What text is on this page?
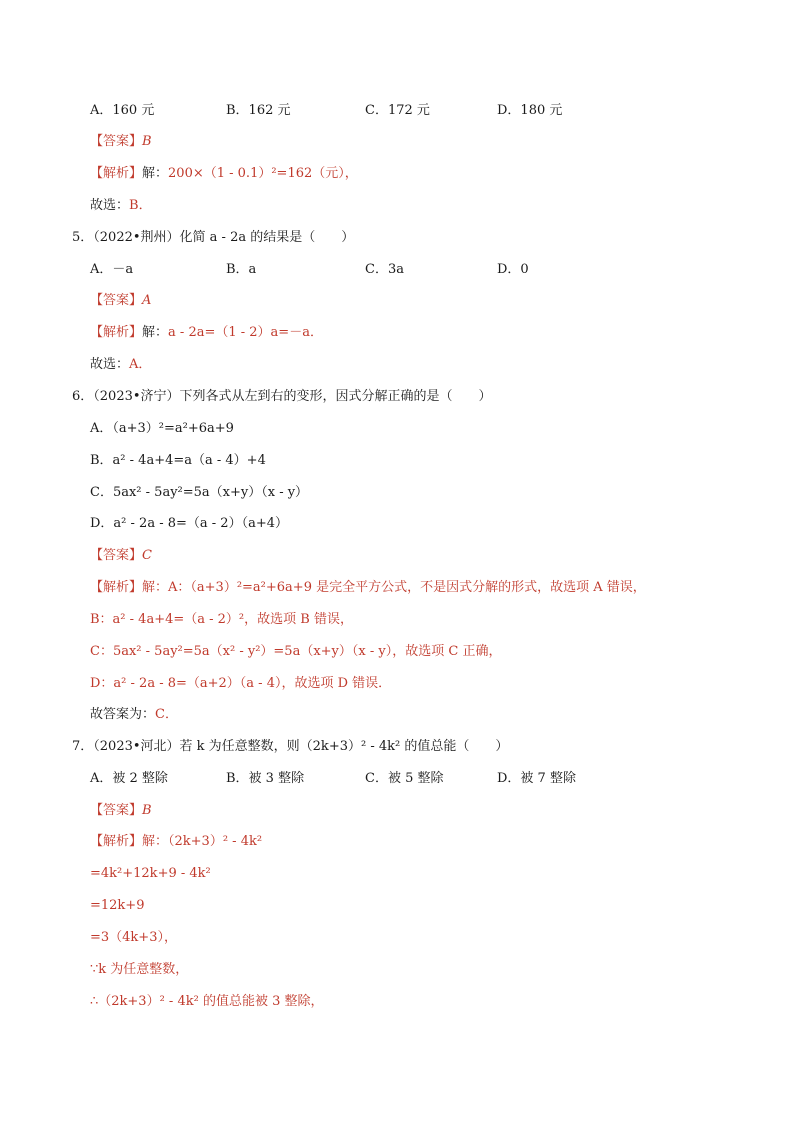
A．160 元	B．162 元	C．172 元	D．180 元
【答案】B
【解析】解：200×（1 - 0.1）²=162（元），
故选：B．
5．（2022•荆州）化简 a - 2a 的结果是（　　）
A．－a	B．a	C．3a	D．0
【答案】A
【解析】解：a - 2a=（1 - 2）a=－a．
故选：A．
6．（2023•济宁）下列各式从左到右的变形，因式分解正确的是（　　）
A．（a+3）²=a²+6a+9
B．a² - 4a+4=a（a - 4）+4
C．5ax² - 5ay²=5a（x+y）（x - y）
D．a² - 2a - 8=（a - 2）（a+4）
【答案】C
【解析】解：A：（a+3）²=a²+6a+9 是完全平方公式，不是因式分解的形式，故选项 A 错误，
B：a² - 4a+4=（a - 2）²，故选项 B 错误，
C：5ax² - 5ay²=5a（x² - y²）=5a（x+y）（x - y），故选项 C 正确，
D：a² - 2a - 8=（a+2）（a - 4），故选项 D 错误．
故答案为：C．
7．（2023•河北）若 k 为任意整数，则（2k+3）² - 4k² 的值总能（　　）
A．被 2 整除	B．被 3 整除	C．被 5 整除	D．被 7 整除
【答案】B
【解析】解：（2k+3）² - 4k²
=4k²+12k+9 - 4k²
=12k+9
=3（4k+3），
∵k 为任意整数，
∴（2k+3）² - 4k² 的值总能被 3 整除，
